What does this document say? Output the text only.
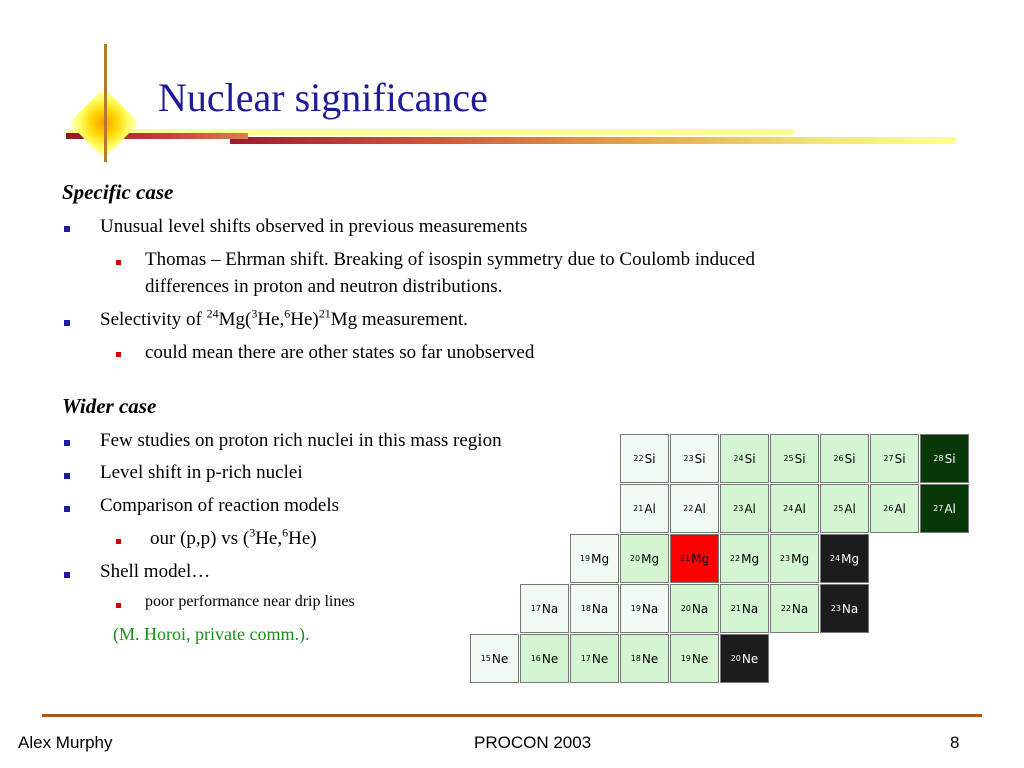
Nuclear significance
Specific case
Unusual level shifts observed in previous measurements
Thomas – Ehrman shift. Breaking of isospin symmetry due to Coulomb induced
differences in proton and neutron distributions.
Selectivity of $^{24}Mg(^3He,^6He)^{21}Mg$ measurement.
could mean there are other states so far unobserved
Wider case
Few studies on proton rich nuclei in this mass region
Level shift in p-rich nuclei
Comparison of reaction models
our (p,p) vs ($^3$He,$^6$He)
Shell model…
poor performance near drip lines
(M. Horoi, private comm.).
22 Si	23 Si	24 Si	25 Si	26 Si	27 Si	28 Si
21 Al	22 Al	23 Al	24 Al	25 Al	26 Al	27 Al
19 Mg	20 Mg	21 Mg	22 Mg	23 Mg	24 Mg
17 Na	18 Na	19 Na	20 Na	21 Na	22 Na	23 Na
15 Ne	16 Ne	17 Ne	18 Ne	19 Ne	20 Ne
Alex Murphy	PROCON 2003	8
